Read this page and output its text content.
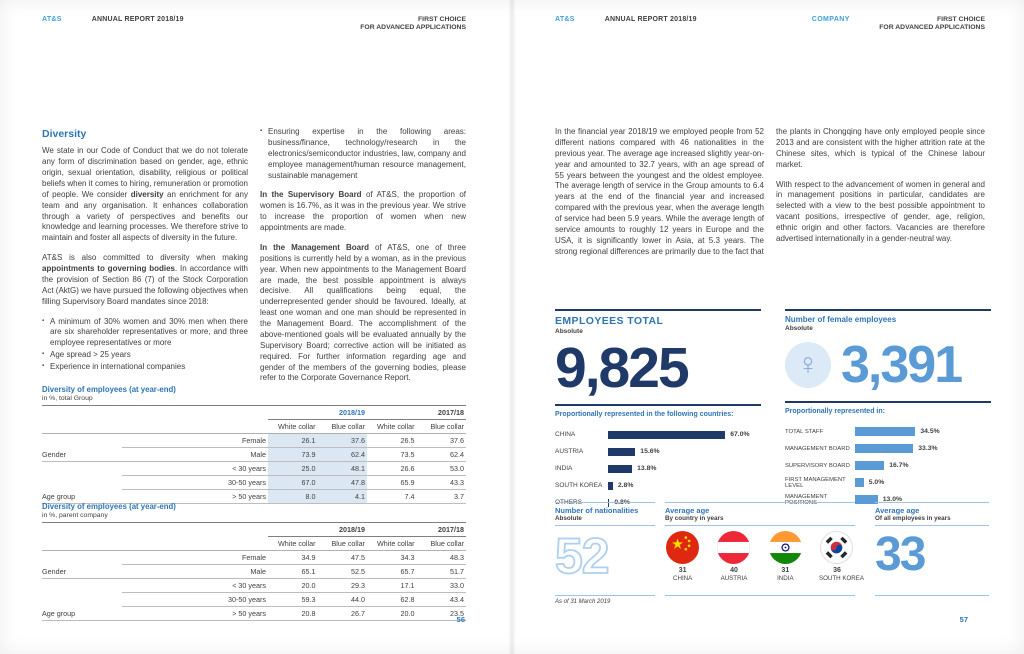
AT&S	ANNUAL REPORT 2018/19	FIRST CHOICE
FOR ADVANCED APPLICATIONS
Diversity

We state in our Code of Conduct that we do not tolerate any form of discrimination based on gender, age, ethnic origin, sexual orientation, disability, religious or political beliefs when it comes to hiring, remuneration or promotion of people. We consider diversity an enrichment for any team and any organisation. It enhances collaboration through a variety of perspectives and benefits our knowledge and learning processes. We therefore strive to maintain and foster all aspects of diversity in the future.

AT&S is also committed to diversity when making appointments to governing bodies. In accordance with the provision of Section 86 (7) of the Stock Corporation Act (AktG) we have pursued the following objectives when filling Supervisory Board mandates since 2018:

▪ A minimum of 30% women and 30% men when there are six shareholder representatives or more, and three employee representatives or more
▪ Age spread > 25 years
▪ Experience in international companies
▪ Ensuring expertise in the following areas: business/finance, technology/research in the electronics/semiconductor industries, law, company and employee management/human resource management, sustainable management

In the Supervisory Board of AT&S, the proportion of women is 16.7%, as it was in the previous year. We strive to increase the proportion of women when new appointments are made.

In the Management Board of AT&S, one of three positions is currently held by a woman, as in the previous year. When new appointments to the Management Board are made, the best possible appointment is always decisive. All qualifications being equal, the underrepresented gender should be favoured. Ideally, at least one woman and one man should be represented in the Management Board. The accomplishment of the above-mentioned goals will be evaluated annually by the Supervisory Board; corrective action will be initiated as required. For further information regarding age and gender of the members of the governing bodies, please refer to the Corporate Governance Report.

Diversity of employees (at year-end)
in %, total Group
		2018/19		2017/18	
		White collar	Blue collar	White collar	Blue collar
	Female	26.1	37.6	26.5	37.6
Gender	Male	73.9	62.4	73.5	62.4
	< 30 years	25.0	48.1	26.6	53.0
	30-50 years	67.0	47.8	65.9	43.3
Age group	> 50 years	8.0	4.1	7.4	3.7
Diversity of employees (at year-end)
in %, parent company
		2018/19		2017/18	
		White collar	Blue collar	White collar	Blue collar
	Female	34.9	47.5	34.3	48.3
Gender	Male	65.1	52.5	65.7	51.7
	< 30 years	20.0	29.3	17.1	33.0
	30-50 years	59.3	44.0	62.8	43.4
Age group	> 50 years	20.8	26.7	20.0	23.5
56
AT&S	ANNUAL REPORT 2018/19	COMPANY	FIRST CHOICE
FOR ADVANCED APPLICATIONS

In the financial year 2018/19 we employed people from 52 different nations compared with 46 nationalities in the previous year. The average age increased slightly year-on-year and amounted to 32.7 years, with an age spread of 55 years between the youngest and the oldest employee. The average length of service in the Group amounts to 6.4 years at the end of the financial year and increased compared with the previous year, when the average length of service had been 5.9 years. While the average length of service amounts to roughly 12 years in Europe and the USA, it is significantly lower in Asia, at 5.3 years. The strong regional differences are primarily due to the fact that

the plants in Chongqing have only employed people since 2013 and are consistent with the higher attrition rate at the Chinese sites, which is typical of the Chinese labour market.

With respect to the advancement of women in general and in management positions in particular, candidates are selected with a view to the best possible appointment to vacant positions, irrespective of gender, age, religion, ethnic origin and other factors. Vacancies are therefore advertised internationally in a gender-neutral way.

EMPLOYEES TOTAL
Absolute
9,825
Proportionally represented in the following countries:
CHINA	67.0%
AUSTRIA	15.6%
INDIA	13.8%
SOUTH KOREA	2.8%
OTHERS	0.8%
Number of female employees
Absolute
♀ 3,391
Proportionally represented in:
TOTAL STAFF	34.5%
MANAGEMENT BOARD	33.3%
SUPERVISORY BOARD	16.7%
FIRST MANAGEMENT LEVEL	5.0%
MANAGEMENT POSITIONS	13.0%
Number of nationalities
Absolute
52
As of 31 March 2019
Average age
By country in years
31
CHINA
40
AUSTRIA
31
INDIA
36
SOUTH KOREA
Average age
Of all employees in years
33
57
